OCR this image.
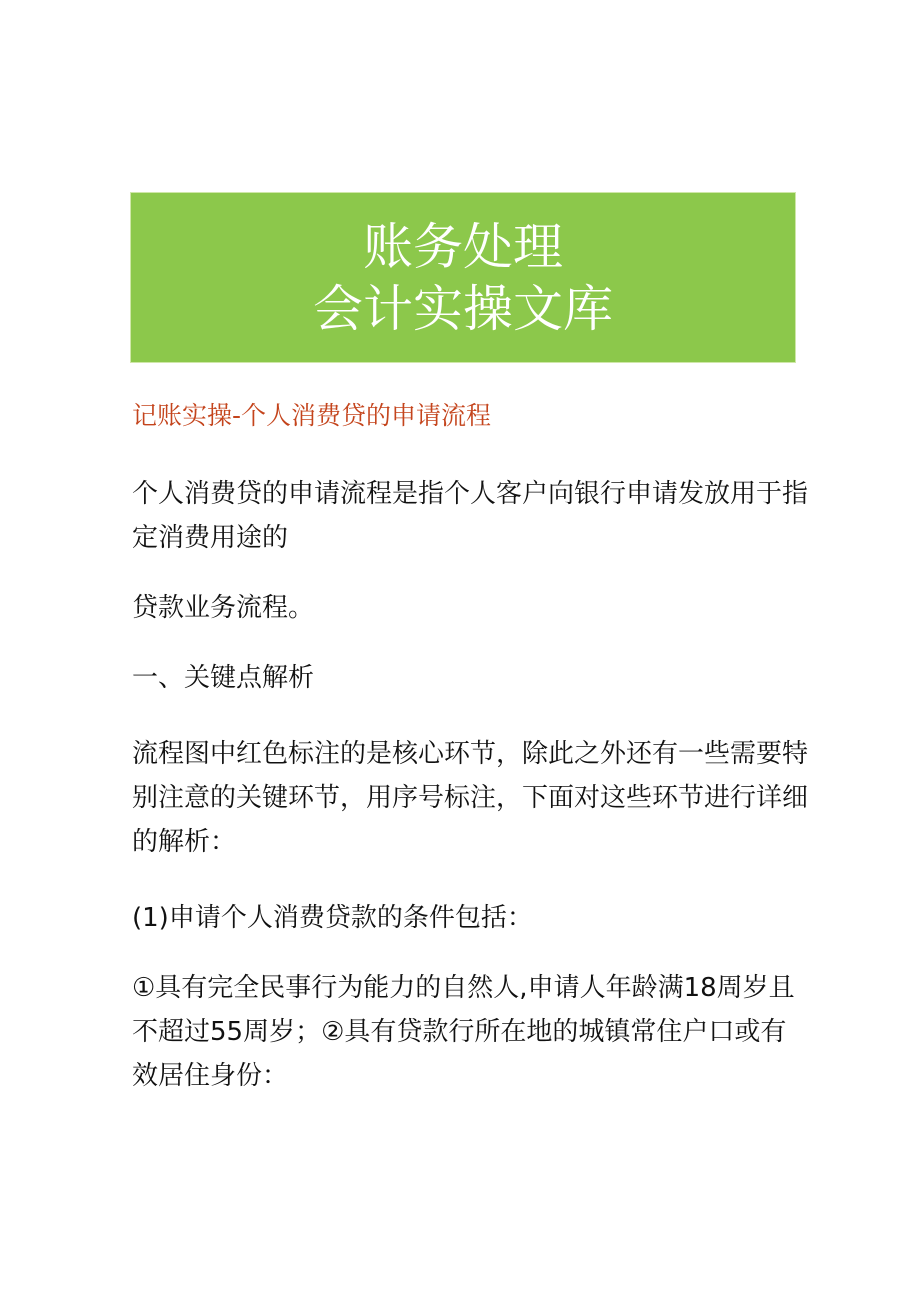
账务处理
会计实操文库
记账实操-个人消费贷的申请流程

个人消费贷的申请流程是指个人客户向银行申请发放用于指定消费用途的

贷款业务流程。

一、关键点解析

流程图中红色标注的是核心环节，除此之外还有一些需要特别注意的关键环节，用序号标注，下面对这些环节进行详细的解析：

(1)申请个人消费贷款的条件包括：

①具有完全民事行为能力的自然人,申请人年龄满18周岁且不超过55周岁；②具有贷款行所在地的城镇常住户口或有效居住身份：
